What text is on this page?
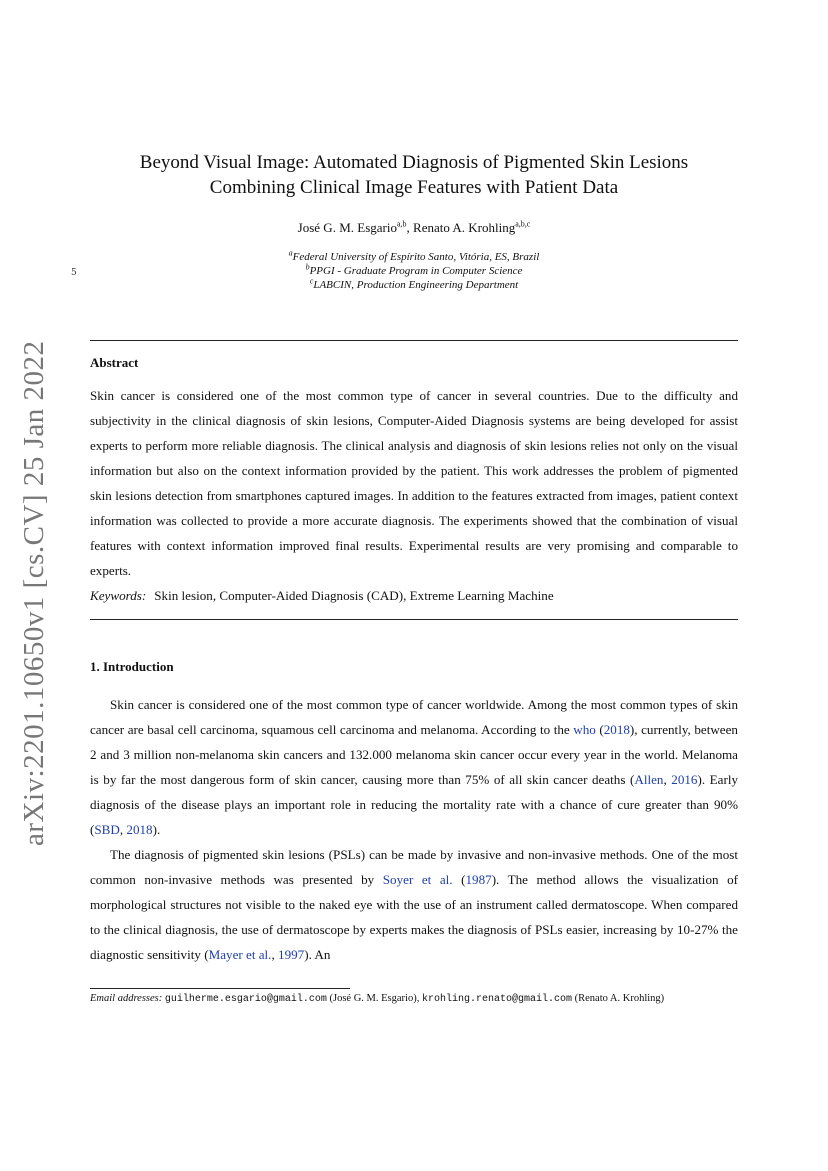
arXiv:2201.10650v1 [cs.CV] 25 Jan 2022
5
Beyond Visual Image: Automated Diagnosis of Pigmented Skin Lesions
Combining Clinical Image Features with Patient Data
José G. M. Esgario$^{a,b}$, Renato A. Krohling$^{a,b,c}$
$^a$Federal University of Espírito Santo, Vitória, ES, Brazil
$^b$PPGI - Graduate Program in Computer Science
$^c$LABCIN, Production Engineering Department
Abstract

Skin cancer is considered one of the most common type of cancer in several countries. Due to the difficulty and subjectivity in the clinical diagnosis of skin lesions, Computer-Aided Diagnosis systems are being developed for assist experts to perform more reliable diagnosis. The clinical analysis and diagnosis of skin lesions relies not only on the visual information but also on the context information provided by the patient. This work addresses the problem of pigmented skin lesions detection from smartphones captured images. In addition to the features extracted from images, patient context information was collected to provide a more accurate diagnosis. The experiments showed that the combination of visual features with context information improved final results. Experimental results are very promising and comparable to experts.

Keywords: Skin lesion, Computer-Aided Diagnosis (CAD), Extreme Learning Machine
1. Introduction

Skin cancer is considered one of the most common type of cancer worldwide. Among the most common types of skin cancer are basal cell carcinoma, squamous cell carcinoma and melanoma. According to the who (2018), currently, between 2 and 3 million non-melanoma skin cancers and 132.000 melanoma skin cancer occur every year in the world. Melanoma is by far the most dangerous form of skin cancer, causing more than 75% of all skin cancer deaths (Allen, 2016). Early diagnosis of the disease plays an important role in reducing the mortality rate with a chance of cure greater than 90% (SBD, 2018).

The diagnosis of pigmented skin lesions (PSLs) can be made by invasive and non-invasive methods. One of the most common non-invasive methods was presented by Soyer et al. (1987). The method allows the visualization of morphological structures not visible to the naked eye with the use of an instrument called dermatoscope. When compared to the clinical diagnosis, the use of dermatoscope by experts makes the diagnosis of PSLs easier, increasing by 10-27% the diagnostic sensitivity (Mayer et al., 1997). An

Email addresses: guilherme.esgario@gmail.com (José G. M. Esgario), krohling.renato@gmail.com (Renato A. Krohling)
